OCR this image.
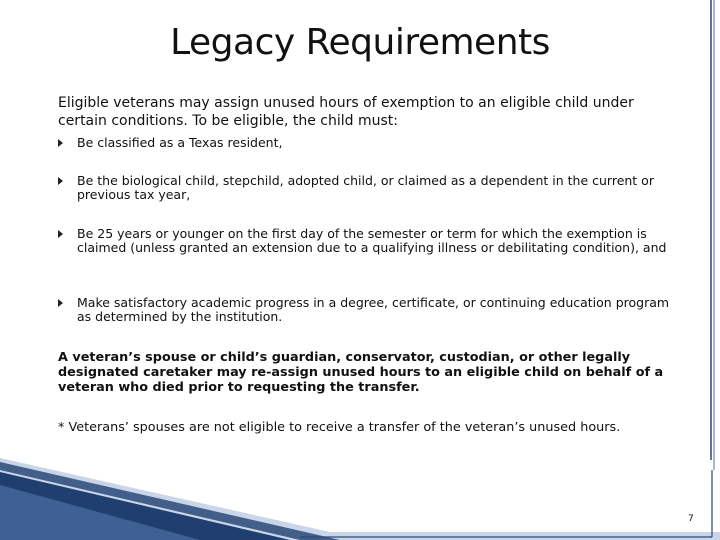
Legacy Requirements

Eligible veterans may assign unused hours of exemption to an eligible child under certain conditions. To be eligible, the child must:

Be classified as a Texas resident,
Be the biological child, stepchild, adopted child, or claimed as a dependent in the current or previous tax year,
Be 25 years or younger on the first day of the semester or term for which the exemption is claimed (unless granted an extension due to a qualifying illness or debilitating condition), and
Make satisfactory academic progress in a degree, certificate, or continuing education program as determined by the institution.

A veteran’s spouse or child’s guardian, conservator, custodian, or other legally designated caretaker may re-assign unused hours to an eligible child on behalf of a veteran who died prior to requesting the transfer.

* Veterans’ spouses are not eligible to receive a transfer of the veteran’s unused hours.

7
